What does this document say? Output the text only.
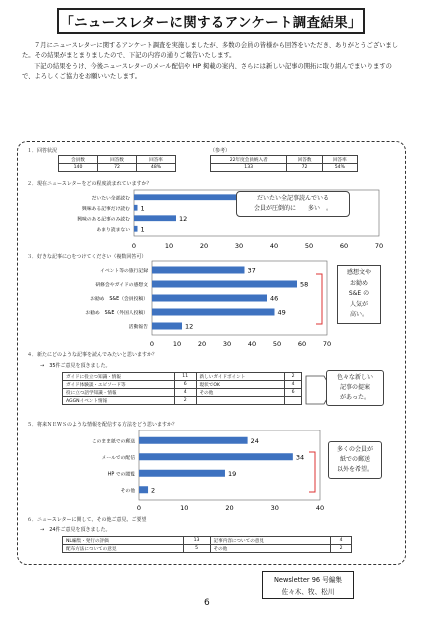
「ニュースレターに関するアンケート調査結果」

７月にニュースレターに関するアンケート調査を実施しましたが、多数の会員の皆様から回答をいただき、ありがとうございました。その結果がまとまりましたので、下記の内容の通りご報告いたします。

下記の結果をうけ、今後ニュースレターのメール配信や HP 掲載の案内、さらには新しい記事の開拓に取り組んでまいりますので、よろしくご協力をお願いいたします。

１．回答状況	（参考）
会員数	回答数	回答率
140	72	48%
22年度会員納入者	回答数	回答率
133	72	54%
２．現在ニュースレターをどの程度読まれていますか？
0	10	20	30	40	50	60	70
だいたい全部読む
興味ある記事だけ読む 1
興味のある記事のみ読む	12
あまり読まない 1
だいたい全記事読んでいる
会員が圧倒的に　　多い　。
３．好きな記事に○をつけてください（複数回答可）
0	10	20	30	40	50	60	70
イベント等の旅行記録	37
研修会やガイドの感想文	58
お勧め　S&E（会員投稿）	46
お勧め　S&E（外国人投稿）	49
活動報告	12
感想文や
お勧め
S&E の
人気が
高い。
４．新たにどのような記事を読んでみたいと思いますか？
→　35件ご意見を頂きました。
ガイドに役立つ知識・情報	11	新しいガイドポイント	2
ガイド体験談・エピソード等	6	現状でOK	4
役に立つ語学知識・情報	4	その他	6
AGGNイベント情報	2		
色々な新しい
記事の提案
があった。
５．将来ＮＥＷＳのような情報を配信する方法をどう思いますか？
0	10	20	30	40
このまま紙での郵送	24
メールでの配信	34
HP での閲覧	19
その他 2
多くの会員が
紙での郵送
以外を希望。
６．ニュースレターに関して、その他ご意見、ご要望
→　24件ご意見を頂きました。
NL編集・発行の評価	13	記事内容についての意見	4
配布方法についての意見	5	その他	2
Newsletter 96 号編集
佐々木、牧、松川
6
